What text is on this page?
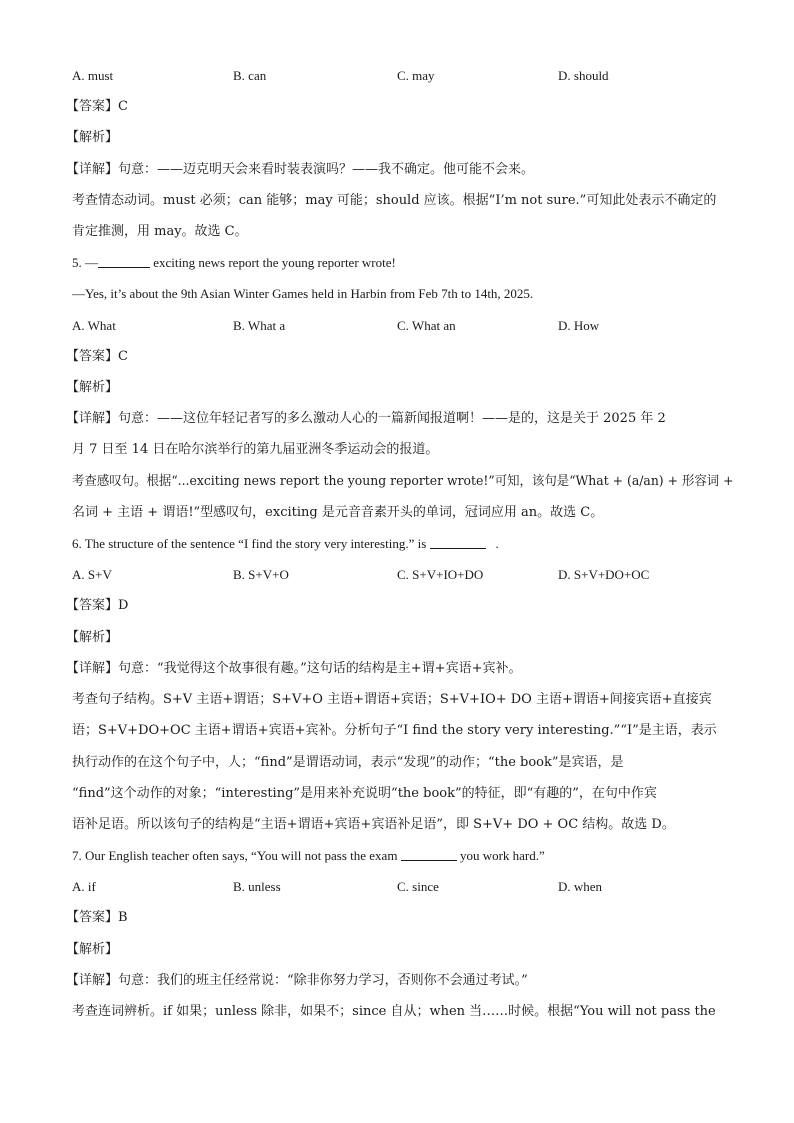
A. must	B. can	C. may	D. should
【答案】C
【解析】
【详解】句意：——迈克明天会来看时装表演吗？——我不确定。他可能不会来。
考查情态动词。must 必须；can 能够；may 可能；should 应该。根据“I’m not sure.”可知此处表示不确定的
肯定推测，用 may。故选 C。
5. —	exciting news report the young reporter wrote!
—Yes, it’s about the 9th Asian Winter Games held in Harbin from Feb 7th to 14th, 2025.
A. What	B. What a	C. What an	D. How
【答案】C
【解析】
【详解】句意：——这位年轻记者写的多么激动人心的一篇新闻报道啊！——是的，这是关于 2025 年 2
月 7 日至 14 日在哈尔滨举行的第九届亚洲冬季运动会的报道。
考查感叹句。根据“...exciting news report the young reporter wrote!”可知，该句是“What + (a/an) + 形容词 +
名词 + 主语 + 谓语!”型感叹句，exciting 是元音音素开头的单词，冠词应用 an。故选 C。
6. The structure of the sentence “I find the story very interesting.” is	.
A. S+V	B. S+V+O	C. S+V+IO+DO	D. S+V+DO+OC
【答案】D
【解析】
【详解】句意：“我觉得这个故事很有趣。”这句话的结构是主+谓+宾语+宾补。
考查句子结构。S+V 主语+谓语；S+V+O 主语+谓语+宾语；S+V+IO+ DO 主语+谓语+间接宾语+直接宾
语；S+V+DO+OC 主语+谓语+宾语+宾补。分析句子“I find the story very interesting.”“I”是主语，表示
执行动作的在这个句子中，人；“find”是谓语动词，表示“发现”的动作；“the book”是宾语，是
“find”这个动作的对象；“interesting”是用来补充说明“the book”的特征，即“有趣的”，在句中作宾
语补足语。所以该句子的结构是“主语+谓语+宾语+宾语补足语”，即 S+V+ DO + OC 结构。故选 D。
7. Our English teacher often says, “You will not pass the exam	you work hard.”
A. if	B. unless	C. since	D. when
【答案】B
【解析】
【详解】句意：我们的班主任经常说：“除非你努力学习，否则你不会通过考试。”
考查连词辨析。if 如果；unless 除非，如果不；since 自从；when 当……时候。根据“You will not pass the
